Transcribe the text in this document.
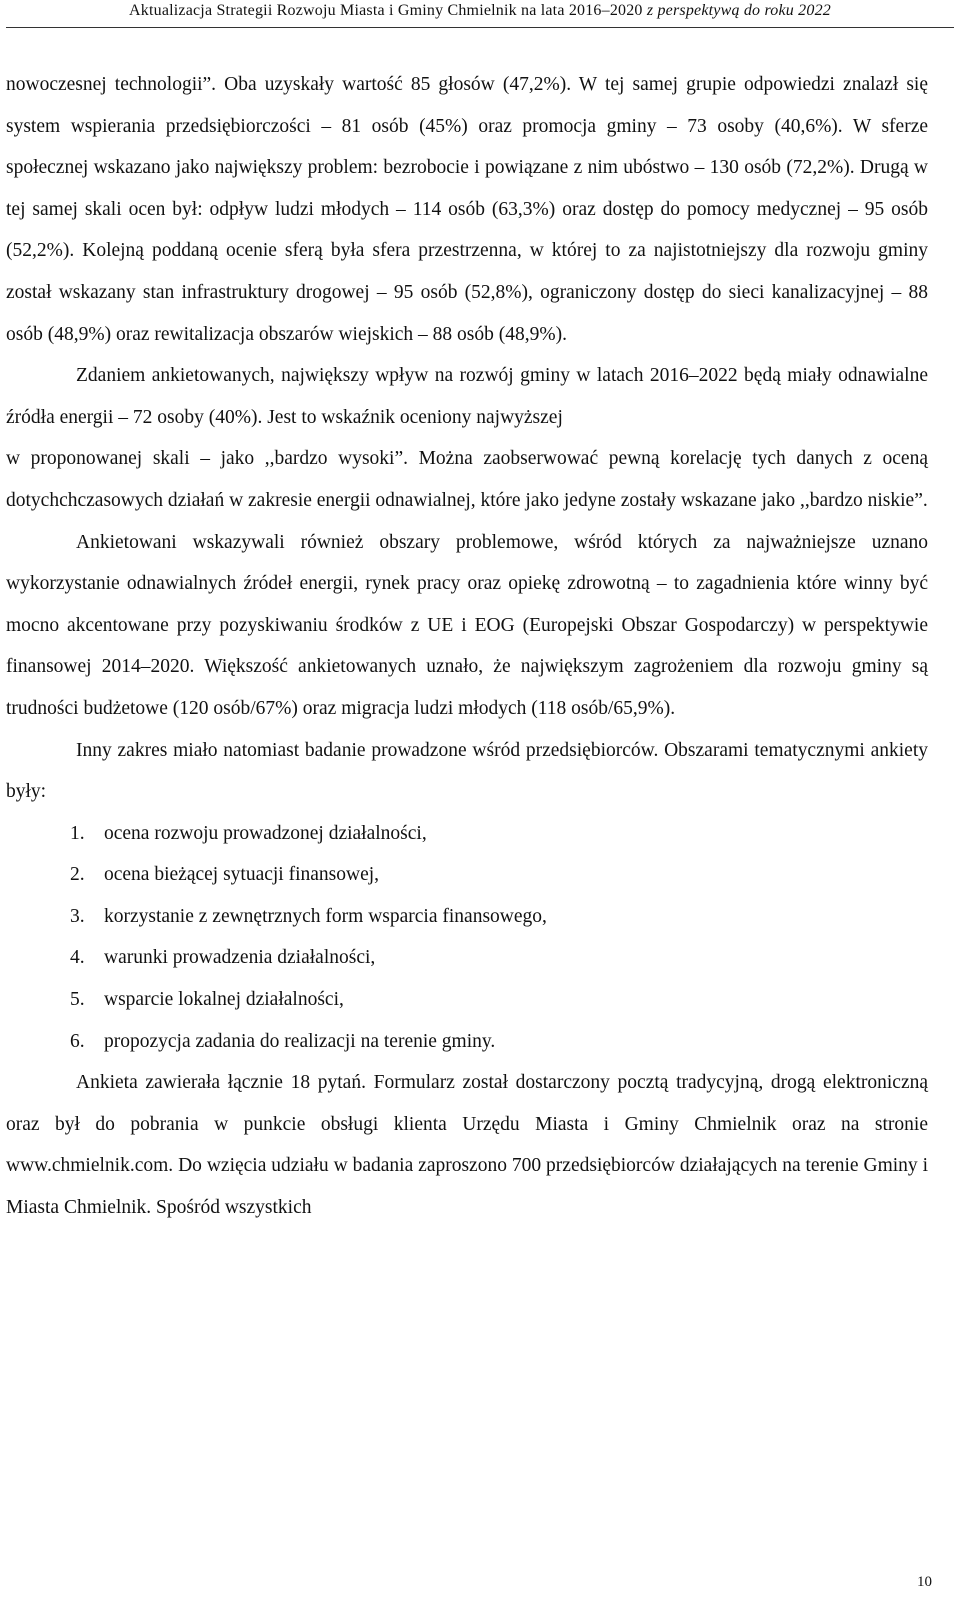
Aktualizacja Strategii Rozwoju Miasta i Gminy Chmielnik na lata 2016–2020 z perspektywą do roku 2022

nowoczesnej technologii”. Oba uzyskały wartość 85 głosów (47,2%). W tej samej grupie odpowiedzi znalazł się system wspierania przedsiębiorczości – 81 osób (45%) oraz promocja gminy – 73 osoby (40,6%). W sferze społecznej wskazano jako największy problem: bezrobocie i powiązane z nim ubóstwo – 130 osób (72,2%). Drugą w tej samej skali ocen był: odpływ ludzi młodych – 114 osób (63,3%) oraz dostęp do pomocy medycznej – 95 osób (52,2%). Kolejną poddaną ocenie sferą była sfera przestrzenna, w której to za najistotniejszy dla rozwoju gminy został wskazany stan infrastruktury drogowej – 95 osób (52,8%), ograniczony dostęp do sieci kanalizacyjnej – 88 osób (48,9%) oraz rewitalizacja obszarów wiejskich – 88 osób (48,9%).

Zdaniem ankietowanych, największy wpływ na rozwój gminy w latach 2016–2022 będą miały odnawialne źródła energii – 72 osoby (40%). Jest to wskaźnik oceniony najwyższej

w proponowanej skali – jako ,,bardzo wysoki”. Można zaobserwować pewną korelację tych danych z oceną dotychchczasowych działań w zakresie energii odnawialnej, które jako jedyne zostały wskazane jako ,,bardzo niskie”.

Ankietowani wskazywali również obszary problemowe, wśród których za najważniejsze uznano wykorzystanie odnawialnych źródeł energii, rynek pracy oraz opiekę zdrowotną – to zagadnienia które winny być mocno akcentowane przy pozyskiwaniu środków z UE i EOG (Europejski Obszar Gospodarczy) w perspektywie finansowej 2014–2020. Większość ankietowanych uznało, że największym zagrożeniem dla rozwoju gminy są trudności budżetowe (120 osób/67%) oraz migracja ludzi młodych (118 osób/65,9%).

Inny zakres miało natomiast badanie prowadzone wśród przedsiębiorców. Obszarami tematycznymi ankiety były:

1. ocena rozwoju prowadzonej działalności,
2. ocena bieżącej sytuacji finansowej,
3. korzystanie z zewnętrznych form wsparcia finansowego,
4. warunki prowadzenia działalności,
5. wsparcie lokalnej działalności,
6. propozycja zadania do realizacji na terenie gminy.

Ankieta zawierała łącznie 18 pytań. Formularz został dostarczony pocztą tradycyjną, drogą elektroniczną oraz był do pobrania w punkcie obsługi klienta Urzędu Miasta i Gminy Chmielnik oraz na stronie www.chmielnik.com. Do wzięcia udziału w badania zaproszono 700 przedsiębiorców działających na terenie Gminy i Miasta Chmielnik. Spośród wszystkich

10
